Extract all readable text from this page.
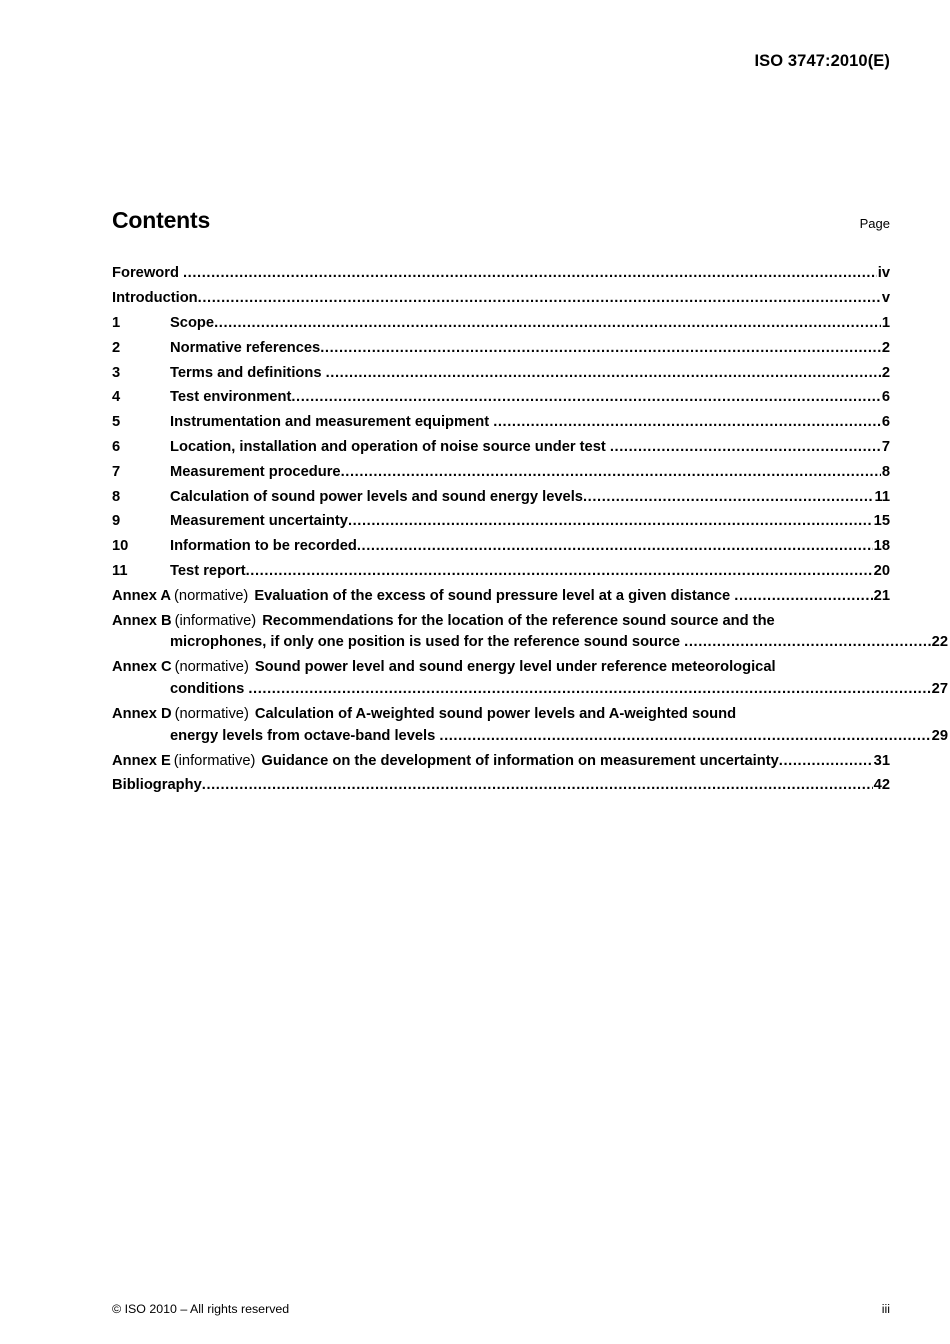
ISO 3747:2010(E)
Contents	Page
Foreword .....	iv
Introduction .....	v
1	Scope .....	1
2	Normative references .....	2
3	Terms and definitions .....	2
4	Test environment .....	6
5	Instrumentation and measurement equipment .....	6
6	Location, installation and operation of noise source under test .....	7
7	Measurement procedure .....	8
8	Calculation of sound power levels and sound energy levels .....	11
9	Measurement uncertainty .....	15
10	Information to be recorded .....	18
11	Test report .....	20
Annex A (normative) Evaluation of the excess of sound pressure level at a given distance .....	21
Annex B (informative) Recommendations for the location of the reference sound source and the
microphones, if only one position is used for the reference sound source .....	22
Annex C (normative) Sound power level and sound energy level under reference meteorological
conditions .....	27
Annex D (normative) Calculation of A-weighted sound power levels and A-weighted sound
energy levels from octave-band levels .....	29
Annex E (informative) Guidance on the development of information on measurement uncertainty .....	31
Bibliography .....	42
© ISO 2010 – All rights reserved	iii
